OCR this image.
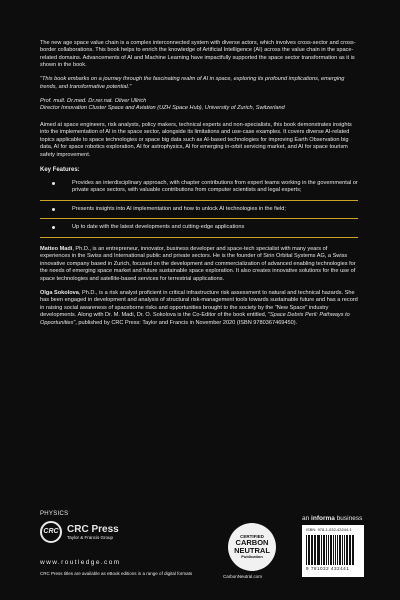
The new age space value chain is a complex interconnected system with diverse actors, which involves cross-sector and cross-border collaborations. This book helps to enrich the knowledge of Artificial Intelligence (AI) across the value chain in the space-related domains. Advancements of AI and Machine Learning have impactfully supported the space sector transformation as it is shown in the book.

"This book embarks on a journey through the fascinating realm of AI in space, exploring its profound implications, emerging trends, and transformative potential."

Prof. mult. Dr.med. Dr.rer.nat. Oliver Ullrich
Director Innovation Cluster Space and Aviation (UZH Space Hub), University of Zurich, Switzerland

Aimed at space engineers, risk analysts, policy makers, technical experts and non-specialists, this book demonstrates insights into the implementation of AI in the space sector, alongside its limitations and use-case examples. It covers diverse AI-related topics applicable to space technologies or space big data such as AI-based technologies for improving Earth Observation big data, AI for space robotics exploration, AI for astrophysics, AI for emerging in-orbit servicing market, and AI for space tourism safety improvement.

Key Features:
Provides an interdisciplinary approach, with chapter contributions from expert teams working in the governmental or private space sectors, with valuable contributions from computer scientists and legal experts;
Presents insights into AI implementation and how to unlock AI technologies in the field;
Up to date with the latest developments and cutting-edge applications

Matteo Madi, Ph.D., is an entrepreneur, innovator, business developer and space-tech specialist with many years of experiences in the Swiss and International public and private sectors. He is the founder of Sirin Orbital Systems AG, a Swiss innovative company based in Zurich, focused on the development and commercialization of advanced enabling technologies for the needs of emerging space market and future sustainable space exploration. It also creates innovative solutions for the use of space technologies and satellite-based services for terrestrial applications.

Olga Sokolova, Ph.D., is a risk analyst proficient in critical infrastructure risk assessment to natural and technical hazards. She has been engaged in development and analysis of structural risk-management tools towards sustainable future and has a record in raising social awareness of spaceborne risks and opportunities brought to the society by the "New Space" industry developments. Along with Dr. M. Madi, Dr. O. Sokolova is the Co-Editor of the book entitled, "Space Debris Peril: Pathways to Opportunities", published by CRC Press: Taylor and Francis in November 2020 (ISBN 9780367469450).

PHYSICS
CRC CRC Press
Taylor & Francis Group
www.routledge.com
CRC Press titles are available as eBook editions in a range of digital formats
CERTIFIED
CARBON
NEUTRAL
Publication
CarbonNeutral.com
an informa business
ISBN: 978-1-032-43244-1
9 781032 432441
